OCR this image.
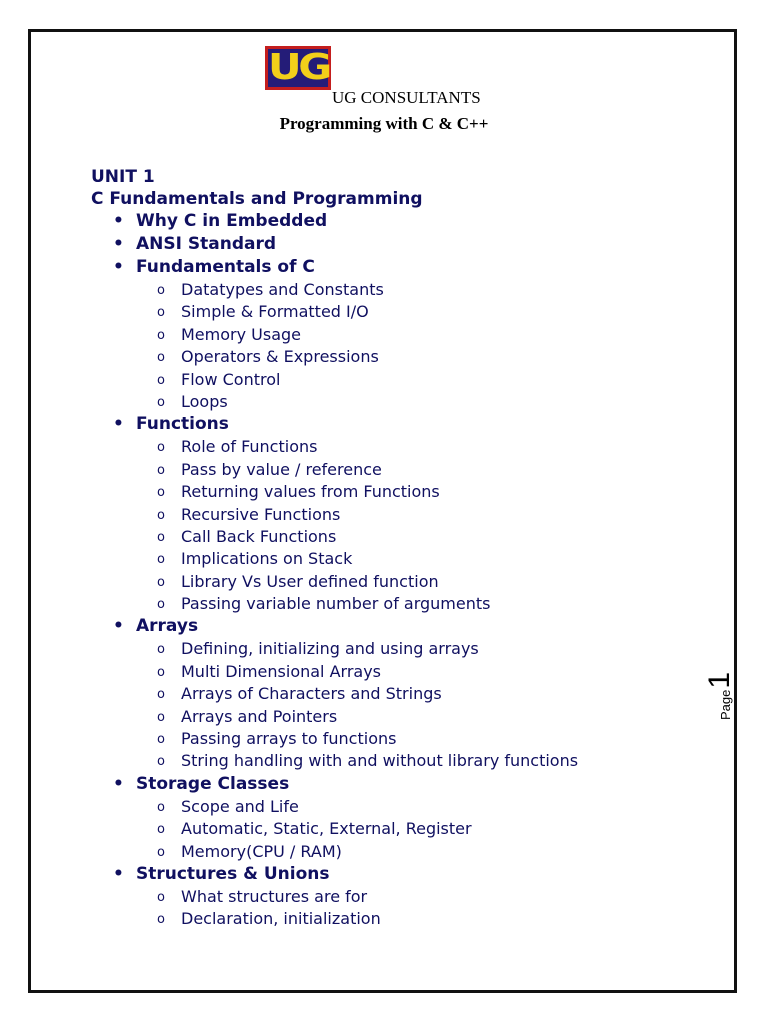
UG
UG CONSULTANTS
Programming with C & C++
UNIT 1
C Fundamentals and Programming
• Why C in Embedded
• ANSI Standard
• Fundamentals of C
o Datatypes and Constants
o Simple & Formatted I/O
o Memory Usage
o Operators & Expressions
o Flow Control
o Loops
• Functions
o Role of Functions
o Pass by value / reference
o Returning values from Functions
o Recursive Functions
o Call Back Functions
o Implications on Stack
o Library Vs User defined function
o Passing variable number of arguments
• Arrays
o Defining, initializing and using arrays
o Multi Dimensional Arrays
o Arrays of Characters and Strings
o Arrays and Pointers
o Passing arrays to functions
o String handling with and without library functions
• Storage Classes
o Scope and Life
o Automatic, Static, External, Register
o Memory(CPU / RAM)
• Structures & Unions
o What structures are for
o Declaration, initialization
Page
1
